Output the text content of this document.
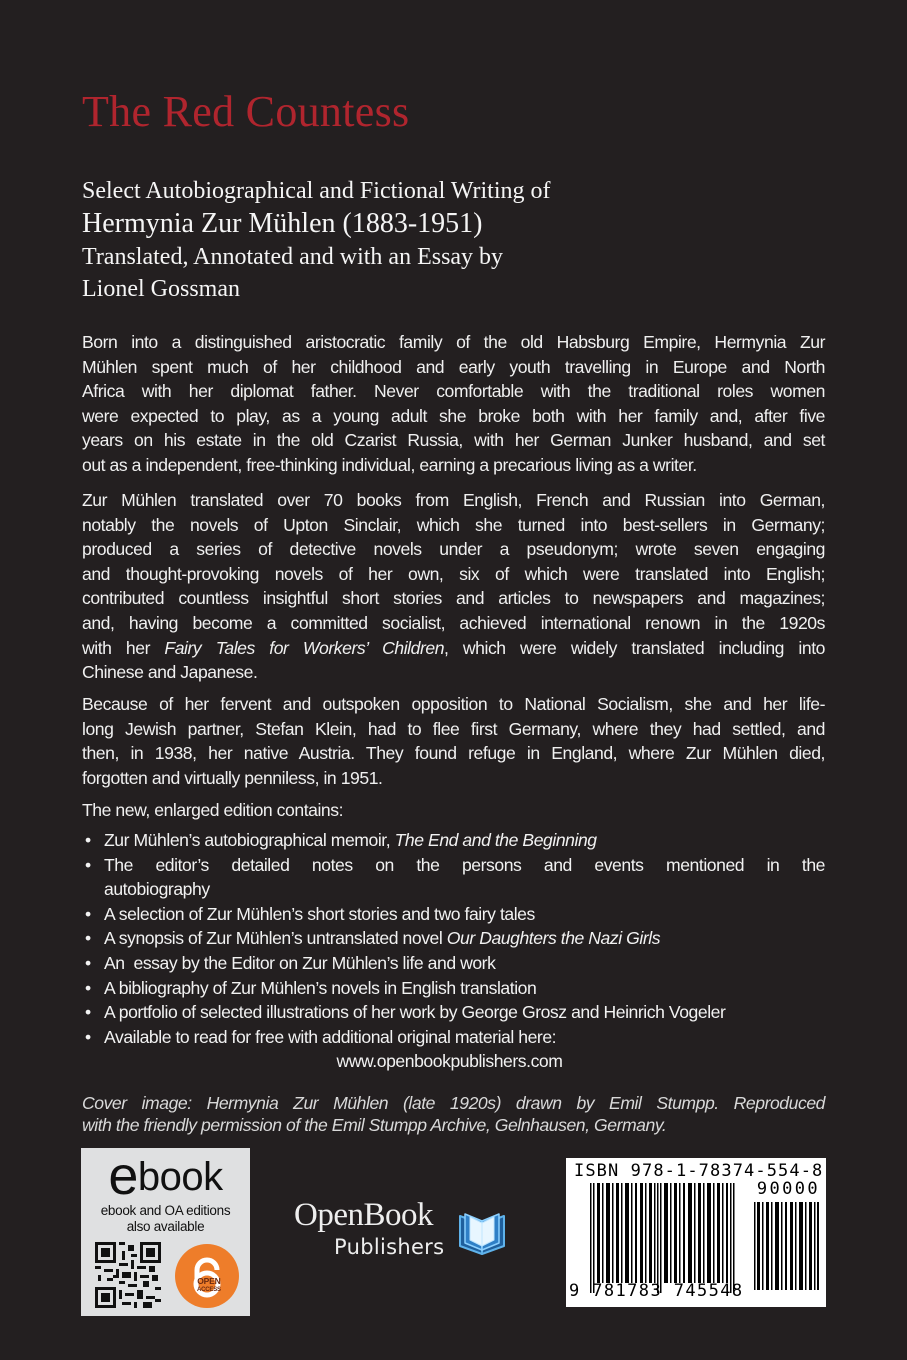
The Red Countess
Select Autobiographical and Fictional Writing of
Hermynia Zur Mühlen (1883-1951)
Translated, Annotated and with an Essay by
Lionel Gossman
Born into a distinguished aristocratic family of the old Habsburg Empire, Hermynia Zur
Mühlen spent much of her childhood and early youth travelling in Europe and North
Africa with her diplomat father. Never comfortable with the traditional roles women
were expected to play, as a young adult she broke both with her family and, after five
years on his estate in the old Czarist Russia, with her German Junker husband, and set
out as a independent, free-thinking individual, earning a precarious living as a writer.
Zur Mühlen translated over 70 books from English, French and Russian into German,
notably the novels of Upton Sinclair, which she turned into best-sellers in Germany;
produced a series of detective novels under a pseudonym; wrote seven engaging
and thought-provoking novels of her own, six of which were translated into English;
contributed countless insightful short stories and articles to newspapers and magazines;
and, having become a committed socialist, achieved international renown in the 1920s
with her Fairy Tales for Workers’ Children, which were widely translated including into
Chinese and Japanese.
Because of her fervent and outspoken opposition to National Socialism, she and her life-
long Jewish partner, Stefan Klein, had to flee first Germany, where they had settled, and
then, in 1938, her native Austria. They found refuge in England, where Zur Mühlen died,
forgotten and virtually penniless, in 1951.
The new, enlarged edition contains:
• Zur Mühlen’s autobiographical memoir, The End and the Beginning
• The editor’s detailed notes on the persons and events mentioned in the
autobiography
• A selection of Zur Mühlen’s short stories and two fairy tales
• A synopsis of Zur Mühlen’s untranslated novel Our Daughters the Nazi Girls
• An  essay by the Editor on Zur Mühlen’s life and work
• A bibliography of Zur Mühlen’s novels in English translation
• A portfolio of selected illustrations of her work by George Grosz and Heinrich Vogeler
• Available to read for free with additional original material here:
www.openbookpublishers.com
Cover image: Hermynia Zur Mühlen (late 1920s) drawn by Emil Stumpp. Reproduced
with the friendly permission of the Emil Stumpp Archive, Gelnhausen, Germany.
ebook
ebook and OA editions
also available
OPEN
ACCESS
OpenBook
Publishers
ISBN 978-1-78374-554-8
90000
9 781783 745548
